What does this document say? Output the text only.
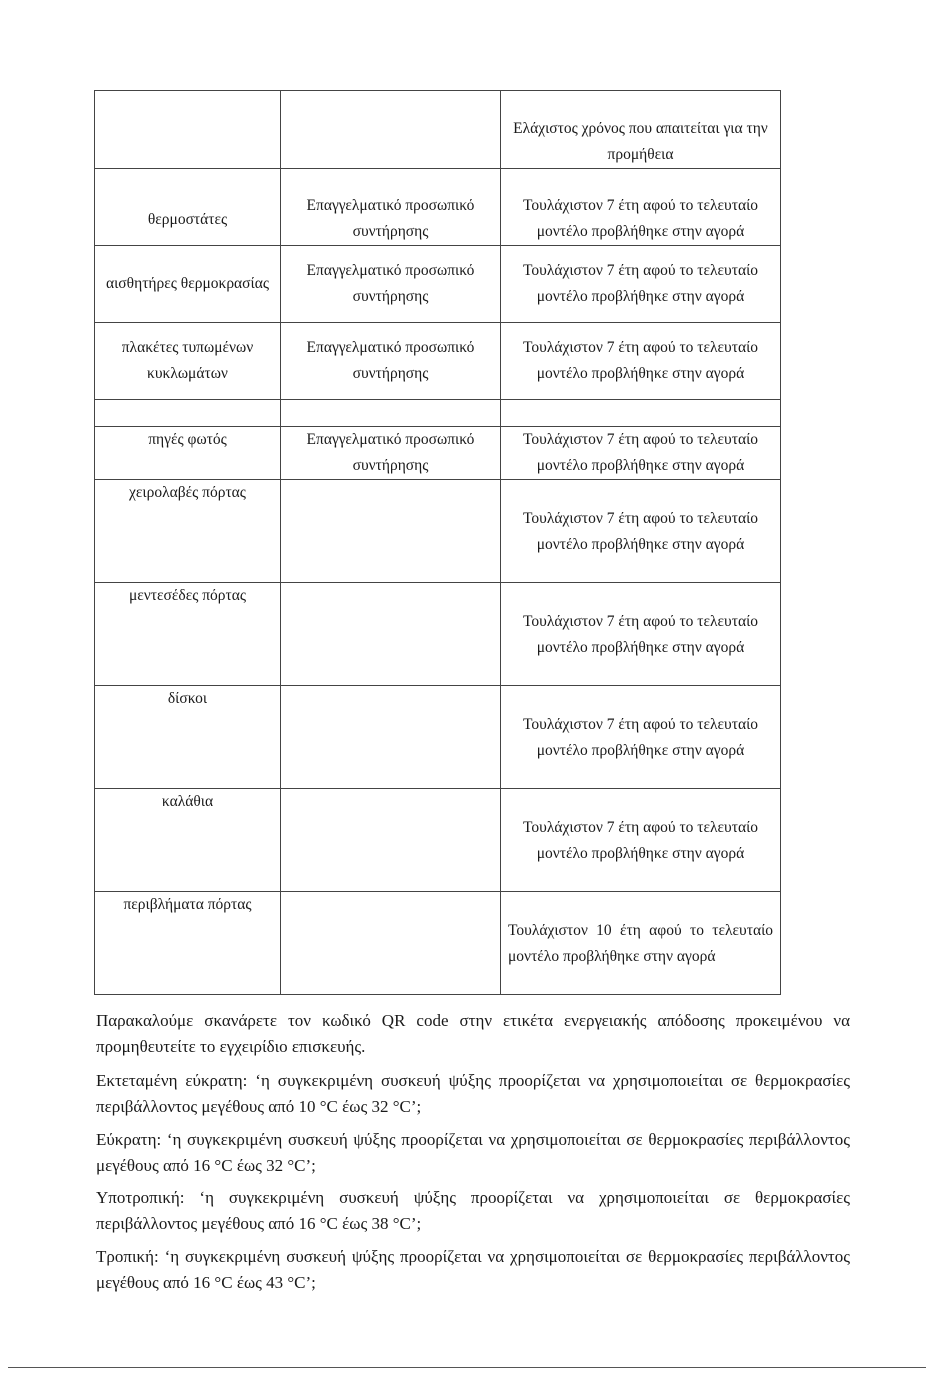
		Ελάχιστος χρόνος που απαιτείται για την προμήθεια
θερμοστάτες	Επαγγελματικό προσωπικό συντήρησης	Τουλάχιστον 7 έτη αφού το τελευταίο μοντέλο προβλήθηκε στην αγορά
αισθητήρες θερμοκρασίας	Επαγγελματικό προσωπικό συντήρησης	Τουλάχιστον 7 έτη αφού το τελευταίο μοντέλο προβλήθηκε στην αγορά
πλακέτες τυπωμένων κυκλωμάτων	Επαγγελματικό προσωπικό συντήρησης	Τουλάχιστον 7 έτη αφού το τελευταίο μοντέλο προβλήθηκε στην αγορά

πηγές φωτός	Επαγγελματικό προσωπικό συντήρησης	Τουλάχιστον 7 έτη αφού το τελευταίο μοντέλο προβλήθηκε στην αγορά
χειρολαβές πόρτας		Τουλάχιστον 7 έτη αφού το τελευταίο μοντέλο προβλήθηκε στην αγορά
μεντεσέδες πόρτας		Τουλάχιστον 7 έτη αφού το τελευταίο μοντέλο προβλήθηκε στην αγορά
δίσκοι		Τουλάχιστον 7 έτη αφού το τελευταίο μοντέλο προβλήθηκε στην αγορά
καλάθια		Τουλάχιστον 7 έτη αφού το τελευταίο μοντέλο προβλήθηκε στην αγορά
περιβλήματα πόρτας		Τουλάχιστον 10 έτη αφού το τελευταίο μοντέλο προβλήθηκε στην αγορά

Παρακαλούμε σκανάρετε τον κωδικό QR code στην ετικέτα ενεργειακής απόδοσης προκειμένου να προμηθευτείτε το εγχειρίδιο επισκευής.

Εκτεταμένη εύκρατη: ‘η συγκεκριμένη συσκευή ψύξης προορίζεται να χρησιμοποιείται σε θερμοκρασίες περιβάλλοντος μεγέθους από 10 °C έως 32 °C’;

Εύκρατη: ‘η συγκεκριμένη συσκευή ψύξης προορίζεται να χρησιμοποιείται σε θερμοκρασίες περιβάλλοντος μεγέθους από 16 °C έως 32 °C’;

Υποτροπική: ‘η συγκεκριμένη συσκευή ψύξης προορίζεται να χρησιμοποιείται σε θερμοκρασίες περιβάλλοντος μεγέθους από 16 °C έως 38 °C’;

Τροπική: ‘η συγκεκριμένη συσκευή ψύξης προορίζεται να χρησιμοποιείται σε θερμοκρασίες περιβάλλοντος μεγέθους από 16 °C έως 43 °C’;
